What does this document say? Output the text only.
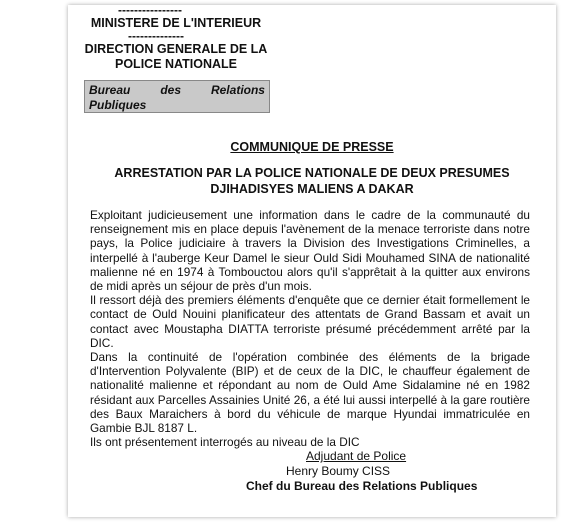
----------------
MINISTERE DE L'INTERIEUR
--------------
DIRECTION GENERALE DE LA
POLICE NATIONALE
Bureau des Relations
Publiques
COMMUNIQUE DE PRESSE
ARRESTATION PAR LA POLICE NATIONALE DE DEUX PRESUMES
DJIHADISYES MALIENS A DAKAR

Exploitant judicieusement une information dans le cadre de la communauté du renseignement mis en place depuis l'avènement de la menace terroriste dans notre pays, la Police judiciaire à travers la Division des Investigations Criminelles, a interpellé à l'auberge Keur Damel le sieur Ould Sidi Mouhamed SINA de nationalité malienne né en 1974 à Tombouctou alors qu'il s'apprêtait à la quitter aux environs de midi après un séjour de près d'un mois.

Il ressort déjà des premiers éléments d'enquête que ce dernier était formellement le contact de Ould Nouini planificateur des attentats de Grand Bassam et avait un contact avec Moustapha DIATTA terroriste présumé précédemment arrêté par la DIC.

Dans la continuité de l'opération combinée des éléments de la brigade d'Intervention Polyvalente (BIP) et de ceux de la DIC, le chauffeur également de nationalité malienne et répondant au nom de Ould Ame Sidalamine né en 1982 résidant aux Parcelles Assainies Unité 26, a été lui aussi interpellé à la gare routière des Baux Maraichers à bord du véhicule de marque Hyundai immatriculée en Gambie BJL 8187 L.

Ils ont présentement interrogés au niveau de la DIC

Adjudant de Police
Henry Boumy CISS
Chef du Bureau des Relations Publiques
